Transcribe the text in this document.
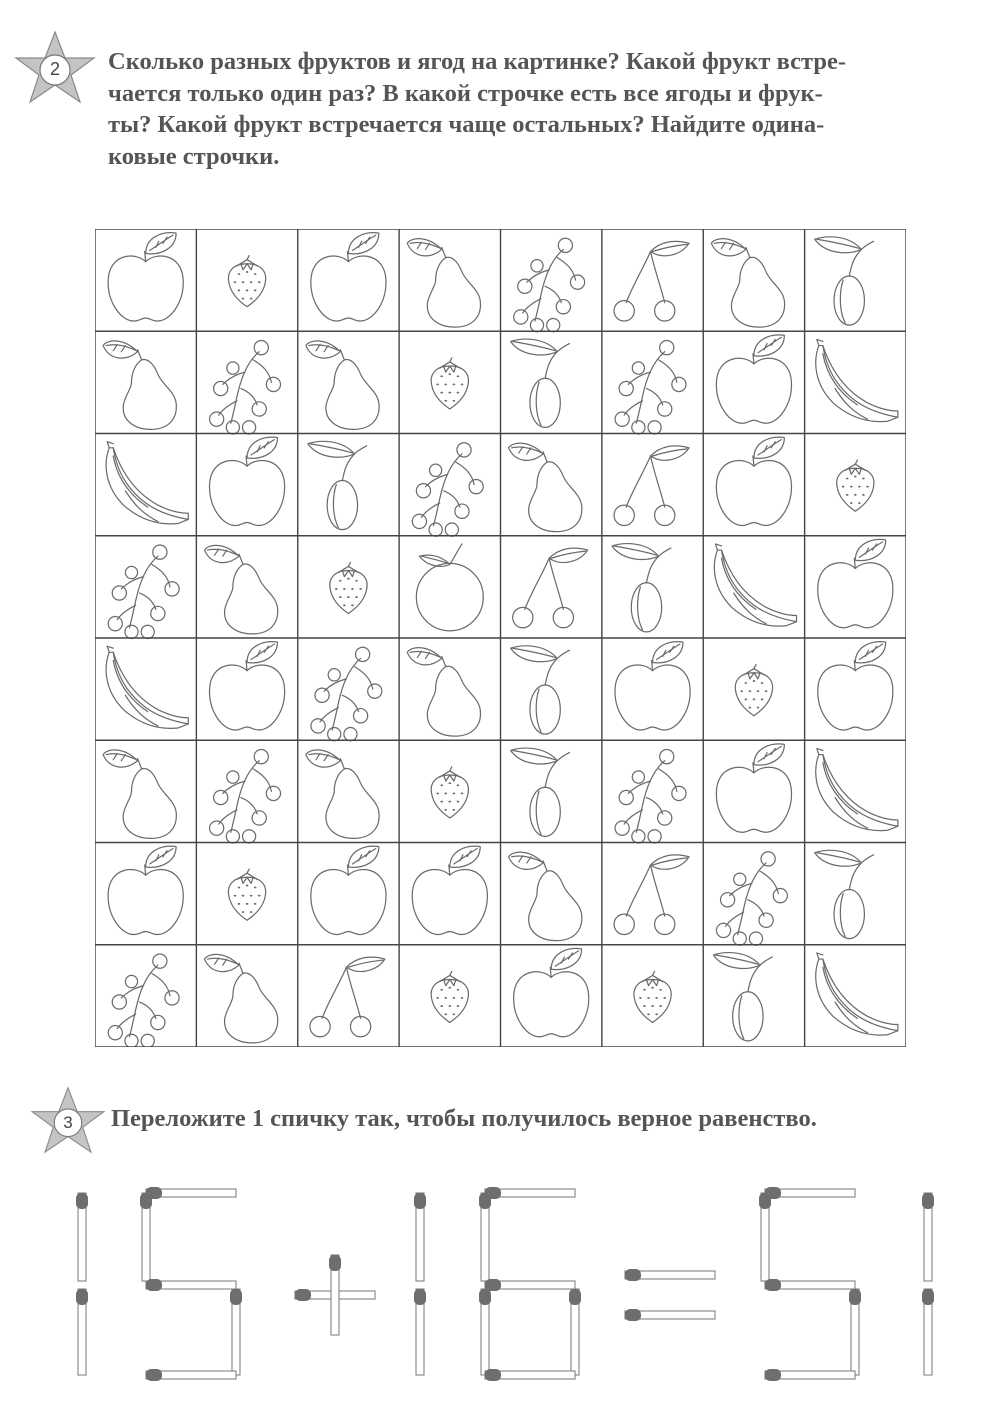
2	Сколько разных фруктов и ягод на картинке? Какой фрукт встре-
чается только один раз? В какой строчке есть все ягоды и фрук-
ты? Какой фрукт встречается чаще остальных? Найдите одина-
ковые строчки.
3	Переложите 1 спичку так, чтобы получилось верное равенство.
